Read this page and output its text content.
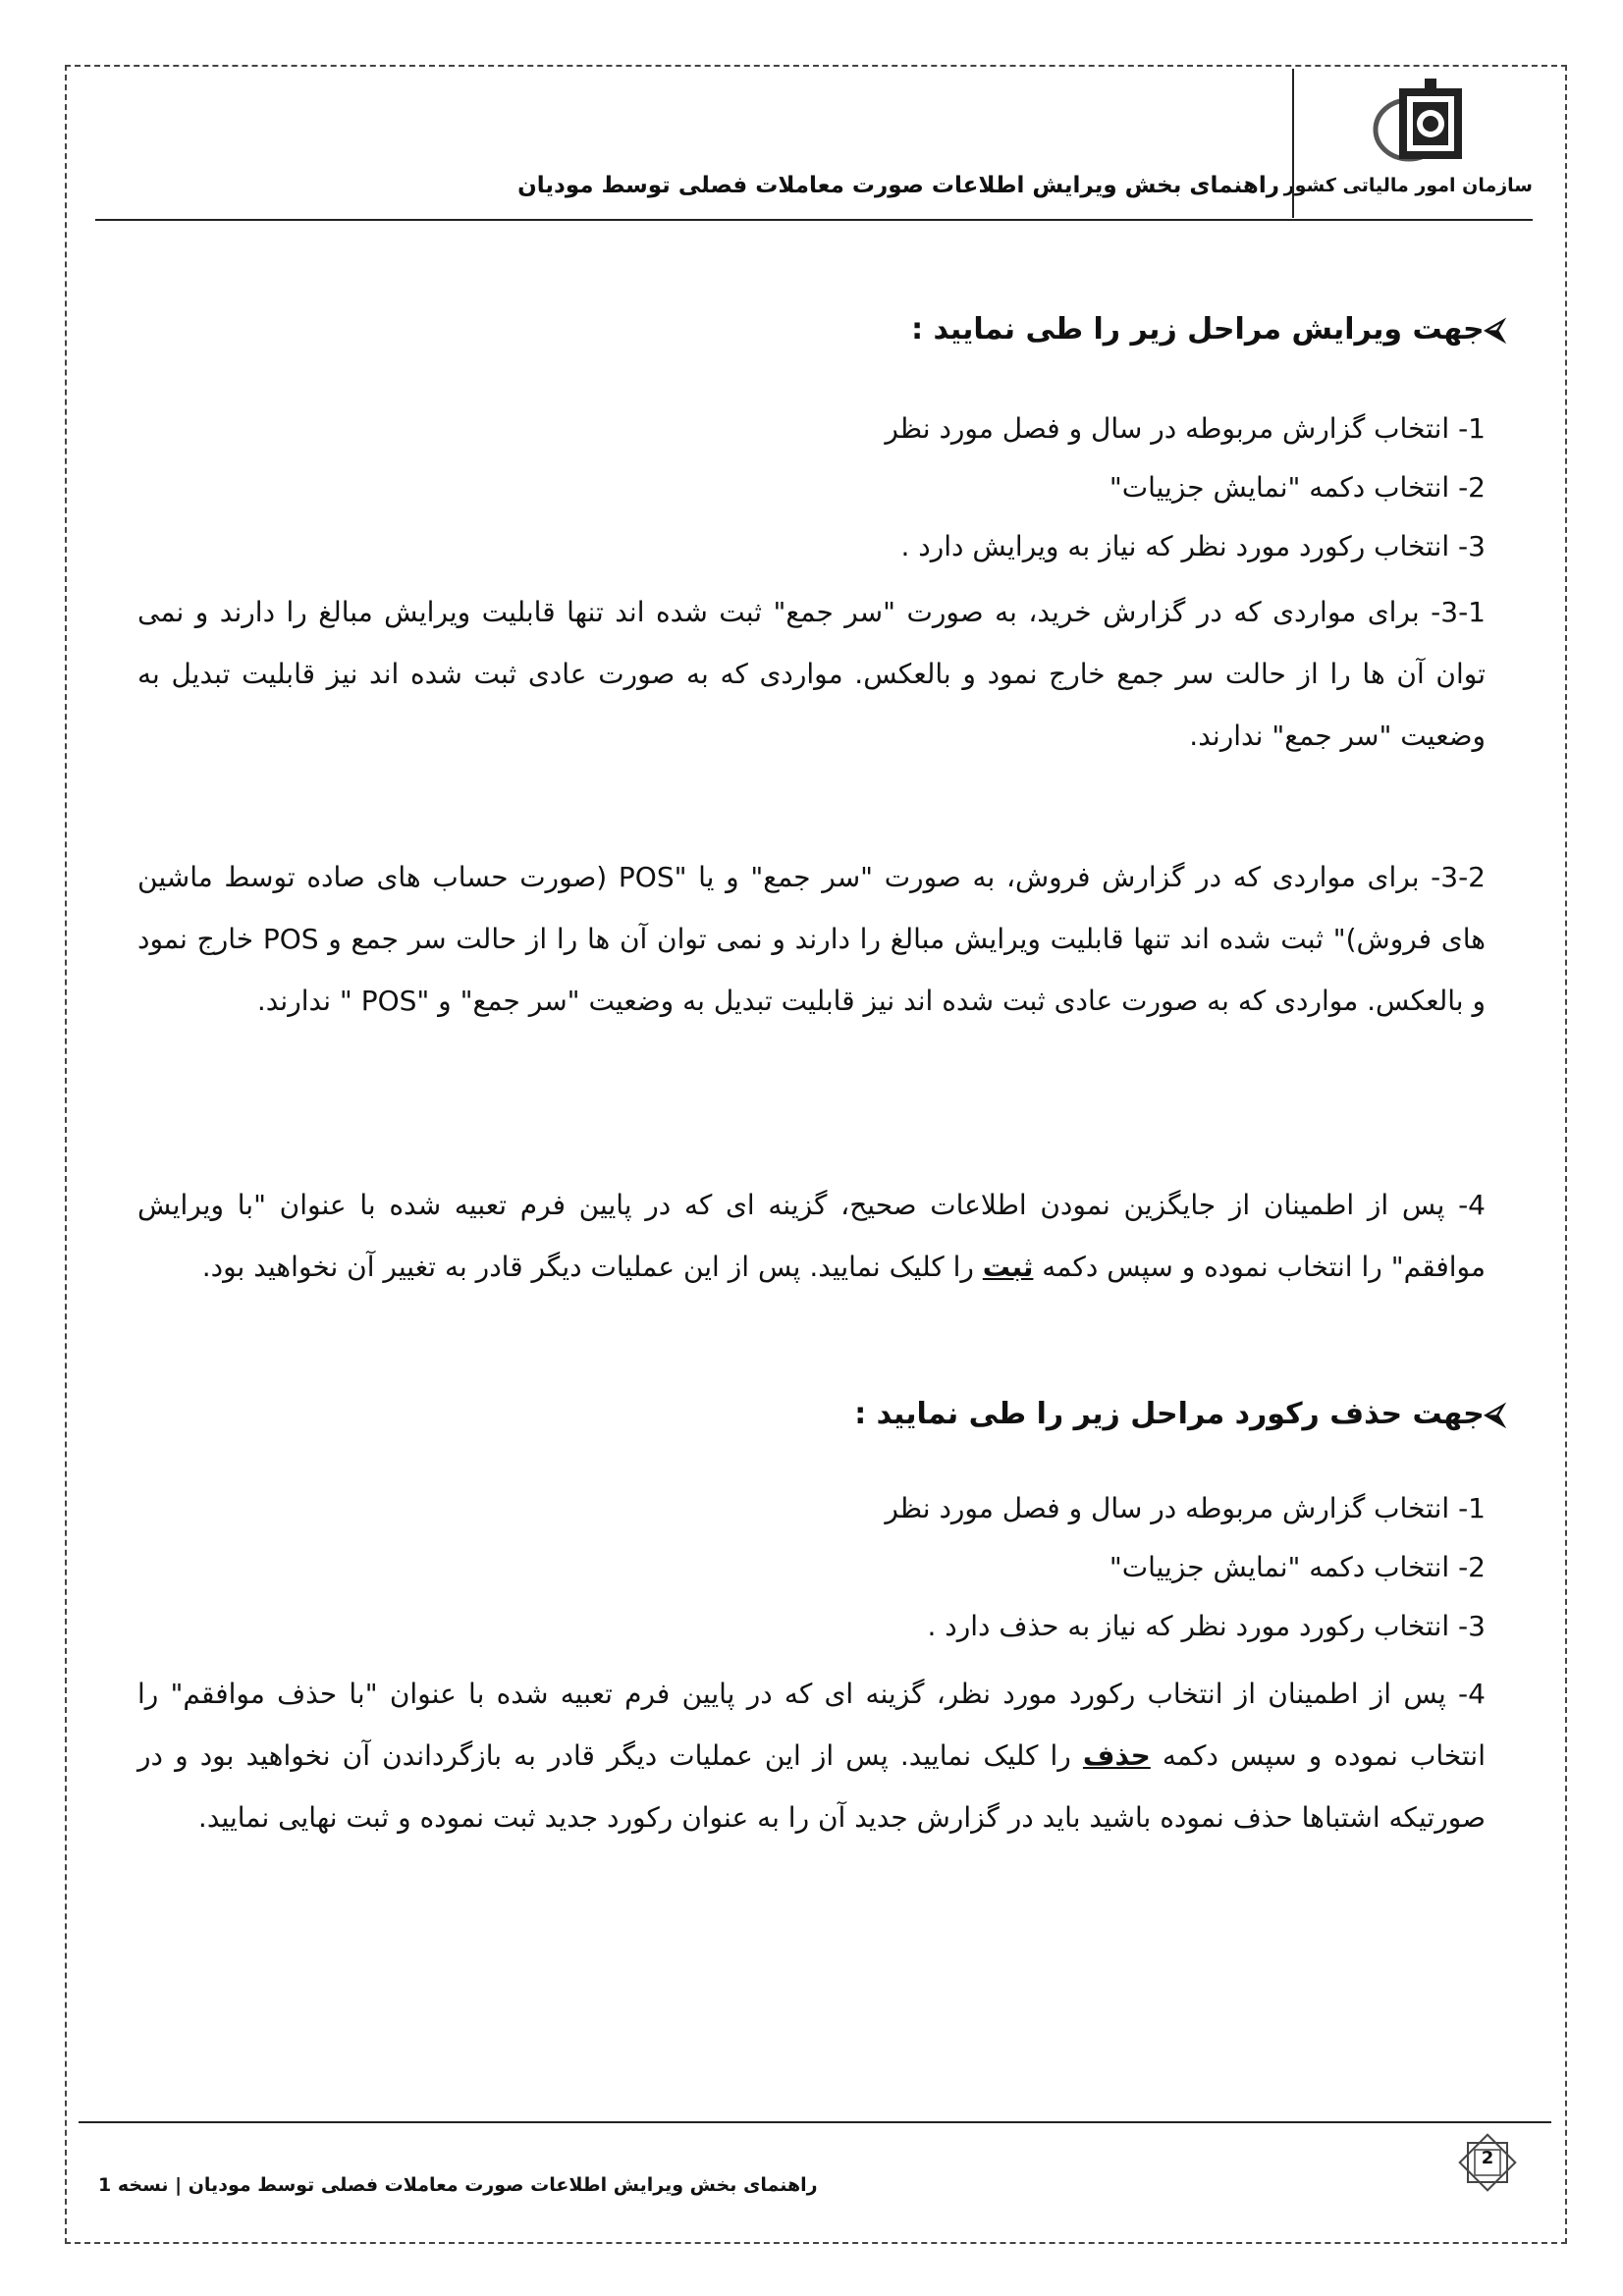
سازمان امور مالیاتی کشور
راهنمای بخش ویرایش اطلاعات صورت معاملات فصلی توسط مودیان
⮘جهت ویرایش مراحل زیر را طی نمایید :
1- انتخاب گزارش مربوطه در سال و فصل مورد نظر
2- انتخاب دکمه "نمایش جزییات"
3- انتخاب رکورد مورد نظر که نیاز به ویرایش دارد .
3-1- برای مواردی که در گزارش خرید، به صورت "سر جمع" ثبت شده اند تنها قابلیت ویرایش مبالغ را دارند و نمی توان آن ها را از حالت سر جمع خارج نمود و بالعکس. مواردی که به صورت عادی ثبت شده اند نیز قابلیت تبدیل به وضعیت "سر جمع" ندارند.
3-2- برای مواردی که در گزارش فروش، به صورت "سر جمع" و یا "POS (صورت حساب های صاده توسط ماشین های فروش)" ثبت شده اند تنها قابلیت ویرایش مبالغ را دارند و نمی توان آن ها را از حالت سر جمع و POS خارج نمود و بالعکس. مواردی که به صورت عادی ثبت شده اند نیز قابلیت تبدیل به وضعیت "سر جمع" و "POS " ندارند.
4- پس از اطمینان از جایگزین نمودن اطلاعات صحیح، گزینه ای که در پایین فرم تعبیه شده با عنوان "با ویرایش موافقم" را انتخاب نموده و سپس دکمه ثبت را کلیک نمایید. پس از این عملیات دیگر قادر به تغییر آن نخواهید بود.
⮘جهت حذف رکورد مراحل زیر را طی نمایید :
1- انتخاب گزارش مربوطه در سال و فصل مورد نظر
2- انتخاب دکمه "نمایش جزییات"
3- انتخاب رکورد مورد نظر که نیاز به حذف دارد .
4- پس از اطمینان از انتخاب رکورد مورد نظر، گزینه ای که در پایین فرم تعبیه شده با عنوان "با حذف موافقم" را انتخاب نموده و سپس دکمه حذف را کلیک نمایید. پس از این عملیات دیگر قادر به بازگرداندن آن نخواهید بود و در صورتیکه اشتباها حذف نموده باشید باید در گزارش جدید آن را به عنوان رکورد جدید ثبت نموده و ثبت نهایی نمایید.
2
راهنمای بخش ویرایش اطلاعات صورت معاملات فصلی توسط مودیان | نسخه 1
